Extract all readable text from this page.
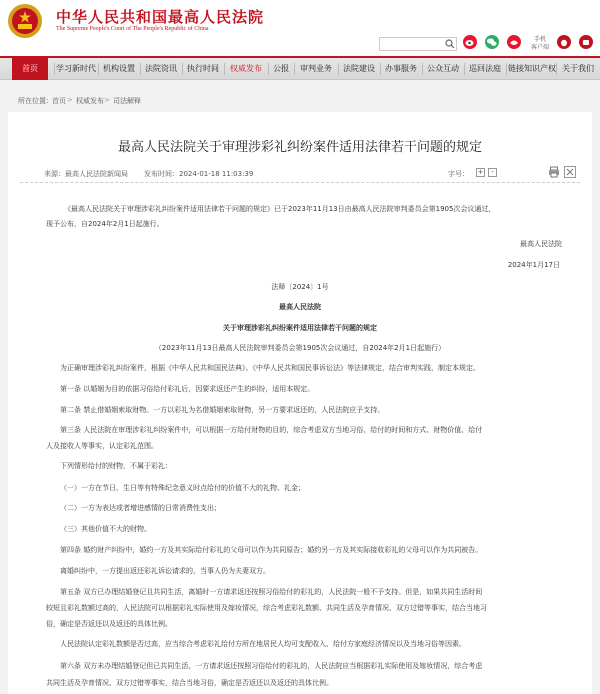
中华人民共和国最高人民法院
The Supreme People's Court of The People's Republic of China
手机
客户端
首页	学习新时代 机构设置	法院资讯	执行时间	权威发布	公报	审判业务	法院建设	办事服务	公众互动	巡回法庭 链接知识产权 关于我们
所在位置： 首页 > 权威发布 > 司法解释
最高人民法院关于审理涉彩礼纠纷案件适用法律若干问题的规定
来源：最高人民法院新闻局 发布时间：2024-01-18 11:03:39	字号： +	-
《最高人民法院关于审理涉彩礼纠纷案件适用法律若干问题的规定》已于2023年11月13日由最高人民法院审判委员会第1905次会议通过，
现予公布，自2024年2月1日起施行。
最高人民法院
2024年1月17日
法释〔2024〕1号
最高人民法院
关于审理涉彩礼纠纷案件适用法律若干问题的规定
（2023年11月13日最高人民法院审判委员会第1905次会议通过，自2024年2月1日起施行）
为正确审理涉彩礼纠纷案件，根据《中华人民共和国民法典》、《中华人民共和国民事诉讼法》等法律规定，结合审判实践，制定本规定。
第一条 以婚姻为目的依据习俗给付彩礼后，因要求返还产生的纠纷，适用本规定。
第二条 禁止借婚姻索取财物。一方以彩礼为名借婚姻索取财物，另一方要求返还的，人民法院应予支持。
第三条 人民法院在审理涉彩礼纠纷案件中，可以根据一方给付财物的目的，综合考虑双方当地习俗、给付的时间和方式、财物价值、给付
人及接收人等事实，认定彩礼范围。
下列情形给付的财物，不属于彩礼：
（一）一方在节日、生日等有特殊纪念意义时点给付的价值不大的礼物、礼金；
（二）一方为表达或者增进感情的日常消费性支出；
（三）其他价值不大的财物。
第四条 婚约财产纠纷中，婚约一方及其实际给付彩礼的父母可以作为共同原告；婚约另一方及其实际接收彩礼的父母可以作为共同被告。
离婚纠纷中，一方提出返还彩礼诉讼请求的，当事人仍为夫妻双方。
第五条 双方已办理结婚登记且共同生活，离婚时一方请求返还按照习俗给付的彩礼的，人民法院一般不予支持。但是，如果共同生活时间
较短且彩礼数额过高的，人民法院可以根据彩礼实际使用及嫁妆情况，综合考虑彩礼数额、共同生活及孕育情况、双方过错等事实，结合当地习
俗，确定是否返还以及返还的具体比例。
人民法院认定彩礼数额是否过高，应当综合考虑彩礼给付方所在地居民人均可支配收入、给付方家庭经济情况以及当地习俗等因素。
第六条 双方未办理结婚登记但已共同生活，一方请求返还按照习俗给付的彩礼的，人民法院应当根据彩礼实际使用及嫁妆情况，综合考虑
共同生活及孕育情况、双方过错等事实，结合当地习俗，确定是否返还以及返还的具体比例。
